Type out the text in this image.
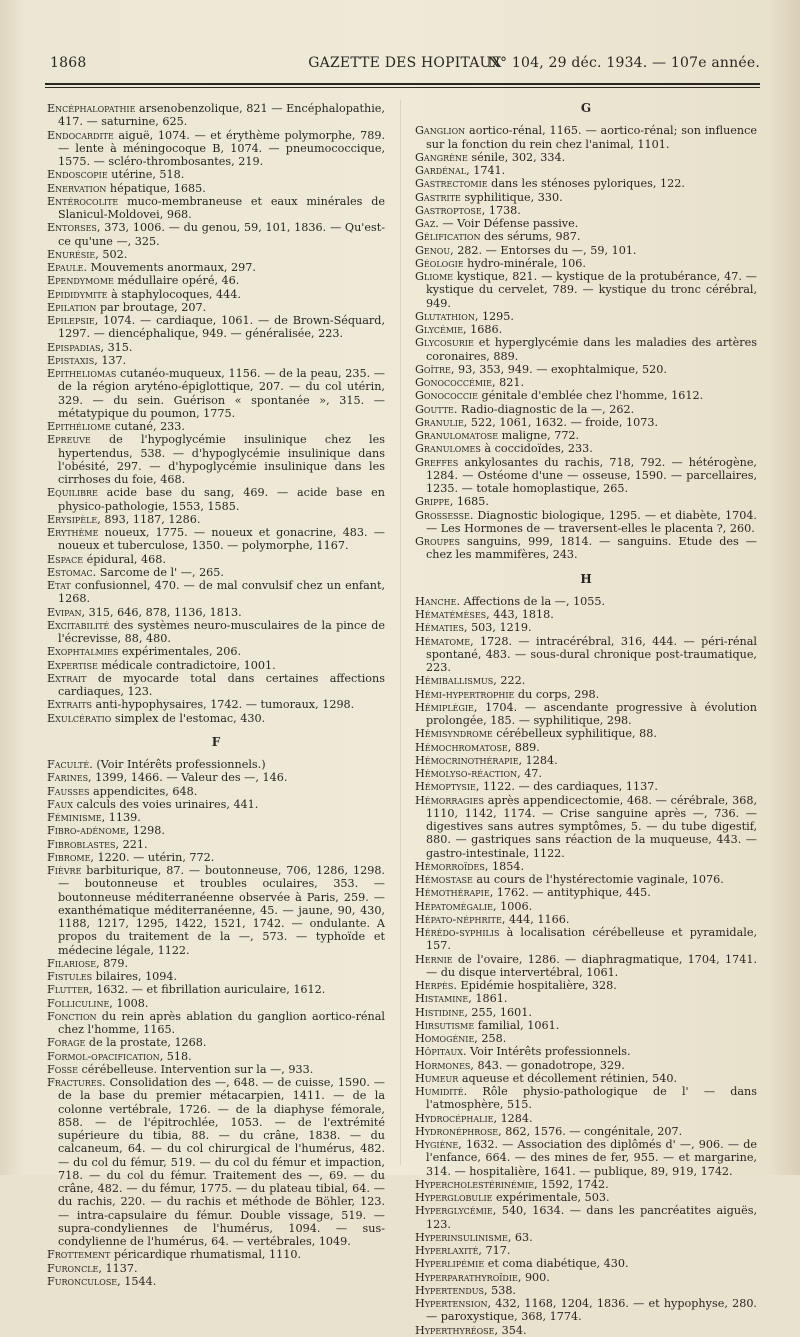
1868	GAZETTE DES HOPITAUX
N° 104, 29 déc. 1934. — 107e année.

Encéphalopathie arsenobenzolique, 821 — Encéphalopathie, 417. — saturnine, 625.

Endocardite aiguë, 1074. — et érythème polymorphe, 789. — lente à méningocoque B, 1074. — pneumococcique, 1575. — scléro-thrombosantes, 219.

Endoscopie utérine, 518.

Enervation hépatique, 1685.

Entérocolite muco-membraneuse et eaux minérales de Slanicul-Moldovei, 968.

Entorses, 373, 1006. — du genou, 59, 101, 1836. — Qu'est-ce qu'une —, 325.

Enurésie, 502.

Epaule. Mouvements anormaux, 297.

Ependymome médullaire opéré, 46.

Epididymite à staphylocoques, 444.

Epilation par broutage, 207.

Epilepsie, 1074. — cardiaque, 1061. — de Brown-Séquard, 1297. — diencéphalique, 949. — généralisée, 223.

Epispadias, 315.

Epistaxis, 137.

Epitheliomas cutanéo-muqueux, 1156. — de la peau, 235. — de la région aryténo-épiglottique, 207. — du col utérin, 329. — du sein. Guérison « spontanée », 315. — métatypique du poumon, 1775.

Epithéliome cutané, 233.

Epreuve de l'hypoglycémie insulinique chez les hypertendus, 538. — d'hypoglycémie insulinique dans l'obésité, 297. — d'hypoglycémie insulinique dans les cirrhoses du foie, 468.

Equilibre acide base du sang, 469. — acide base en physico-pathologie, 1553, 1585.

Erysipèle, 893, 1187, 1286.

Erythème noueux, 1775. — noueux et gonacrine, 483. — noueux et tuberculose, 1350. — polymorphe, 1167.

Espace épidural, 468.

Estomac. Sarcome de l' —, 265.

Etat confusionnel, 470. — de mal convulsif chez un enfant, 1268.

Evipan, 315, 646, 878, 1136, 1813.

Excitabilité des systèmes neuro-musculaires de la pince de l'écrevisse, 88, 480.

Exophtalmies expérimentales, 206.

Expertise médicale contradictoire, 1001.

Extrait de myocarde total dans certaines affections cardiaques, 123.

Extraits anti-hypophysaires, 1742. — tumoraux, 1298.

Exulcératio simplex de l'estomac, 430.

F

Faculté. (Voir Intérêts professionnels.)

Farines, 1399, 1466. — Valeur des —, 146.

Fausses appendicites, 648.

Faux calculs des voies urinaires, 441.

Féminisme, 1139.

Fibro-adénome, 1298.

Fibroblastes, 221.

Fibrome, 1220. — utérin, 772.

Fièvre barbiturique, 87. — boutonneuse, 706, 1286, 1298. — boutonneuse et troubles oculaires, 353. — boutonneuse méditerranéenne observée à Paris, 259. — exanthématique méditerranéenne, 45. — jaune, 90, 430, 1188, 1217, 1295, 1422, 1521, 1742. — ondulante. A propos du traitement de la —, 573. — typhoïde et médecine légale, 1122.

Filariose, 879.

Fistules bilaires, 1094.

Flutter, 1632. — et fibrillation auriculaire, 1612.

Folliculine, 1008.

Fonction du rein après ablation du ganglion aortico-rénal chez l'homme, 1165.

Forage de la prostate, 1268.

Formol-opacification, 518.

Fosse cérébelleuse. Intervention sur la —, 933.

Fractures. Consolidation des —, 648. — de cuisse, 1590. — de la base du premier métacarpien, 1411. — de la colonne vertébrale, 1726. — de la diaphyse fémorale, 858. — de l'épitrochlée, 1053. — de l'extrémité supérieure du tibia, 88. — du crâne, 1838. — du calcaneum, 64. — du col chirurgical de l'humérus, 482. — du col du fémur, 519. — du col du fémur et impaction, 718. — du col du fémur. Traitement des —, 69. — du crâne, 482. — du fémur, 1775. — du plateau tibial, 64. — du rachis, 220. — du rachis et méthode de Böhler, 123. — intra-capsulaire du fémur. Double vissage, 519. — supra-condyliennes de l'humérus, 1094. — sus-condylienne de l'humérus, 64. — vertébrales, 1049.

Frottement péricardique rhumatismal, 1110.

Furoncle, 1137.

Furonculose, 1544.

G

Ganglion aortico-rénal, 1165. — aortico-rénal; son influence sur la fonction du rein chez l'animal, 1101.

Gangrène sénile, 302, 334.

Gardénal, 1741.

Gastrectomie dans les sténoses pyloriques, 122.

Gastrite syphilitique, 330.

Gastroptose, 1738.

Gaz. — Voir Défense passive.

Gélification des sérums, 987.

Genou, 282. — Entorses du —, 59, 101.

Géologie hydro-minérale, 106.

Gliome kystique, 821. — kystique de la protubérance, 47. — kystique du cervelet, 789. — kystique du tronc cérébral, 949.

Glutathion, 1295.

Glycémie, 1686.

Glycosurie et hyperglycémie dans les maladies des artères coronaires, 889.

Goître, 93, 353, 949. — exophtalmique, 520.

Gonococcémie, 821.

Gonococcie génitale d'emblée chez l'homme, 1612.

Goutte. Radio-diagnostic de la —, 262.

Granulie, 522, 1061, 1632. — froide, 1073.

Granulomatose maligne, 772.

Granulomes à coccidoïdes, 233.

Greffes ankylosantes du rachis, 718, 792. — hétérogène, 1284. — Ostéome d'une — osseuse, 1590. — parcellaires, 1235. — totale homoplastique, 265.

Grippe, 1685.

Grossesse. Diagnostic biologique, 1295. — et diabète, 1704. — Les Hormones de — traversent-elles le placenta ?, 260.

Groupes sanguins, 999, 1814. — sanguins. Etude des — chez les mammifères, 243.

H

Hanche. Affections de la —, 1055.

Hématémèses, 443, 1818.

Hématies, 503, 1219.

Hématome, 1728. — intracérébral, 316, 444. — péri-rénal spontané, 483. — sous-dural chronique post-traumatique, 223.

Hémiballismus, 222.

Hémi-hypertrophie du corps, 298.

Hémiplégie, 1704. — ascendante progressive à évolution prolongée, 185. — syphilitique, 298.

Hémisyndrome cérébelleux syphilitique, 88.

Hémochromatose, 889.

Hémocrinothérapie, 1284.

Hémolyso-réaction, 47.

Hémoptysie, 1122. — des cardiaques, 1137.

Hémorragies après appendicectomie, 468. — cérébrale, 368, 1110, 1142, 1174. — Crise sanguine après —, 736. — digestives sans autres symptômes, 5. — du tube digestif, 880. — gastriques sans réaction de la muqueuse, 443. — gastro-intestinale, 1122.

Hémorroïdes, 1854.

Hémostase au cours de l'hystérectomie vaginale, 1076.

Hémothérapie, 1762. — antityphique, 445.

Hépatomégalie, 1006.

Hépato-néphrite, 444, 1166.

Hérédo-syphilis à localisation cérébelleuse et pyramidale, 157.

Hernie de l'ovaire, 1286. — diaphragmatique, 1704, 1741. — du disque intervertébral, 1061.

Herpès. Epidémie hospitalière, 328.

Histamine, 1861.

Histidine, 255, 1601.

Hirsutisme familial, 1061.

Homogénie, 258.

Hôpitaux. Voir Intérêts professionnels.

Hormones, 843. — gonadotrope, 329.

Humeur aqueuse et décollement rétinien, 540.

Humidité. Rôle physio-pathologique de l' — dans l'atmosphère, 515.

Hydrocéphalie, 1284.

Hydronéphrose, 862, 1576. — congénitale, 207.

Hygiène, 1632. — Association des diplômés d' —, 906. — de l'enfance, 664. — des mines de fer, 955. — et margarine, 314. — hospitalière, 1641. — publique, 89, 919, 1742.

Hypercholestérinémie, 1592, 1742.

Hyperglobulie expérimentale, 503.

Hyperglycémie, 540, 1634. — dans les pancréatites aiguës, 123.

Hyperinsulinisme, 63.

Hyperlaxité, 717.

Hyperlipémie et coma diabétique, 430.

Hyperparathyroïdie, 900.

Hypertendus, 538.

Hypertension, 432, 1168, 1204, 1836. — et hypophyse, 280. — paroxystique, 368, 1774.

Hyperthyréose, 354.
